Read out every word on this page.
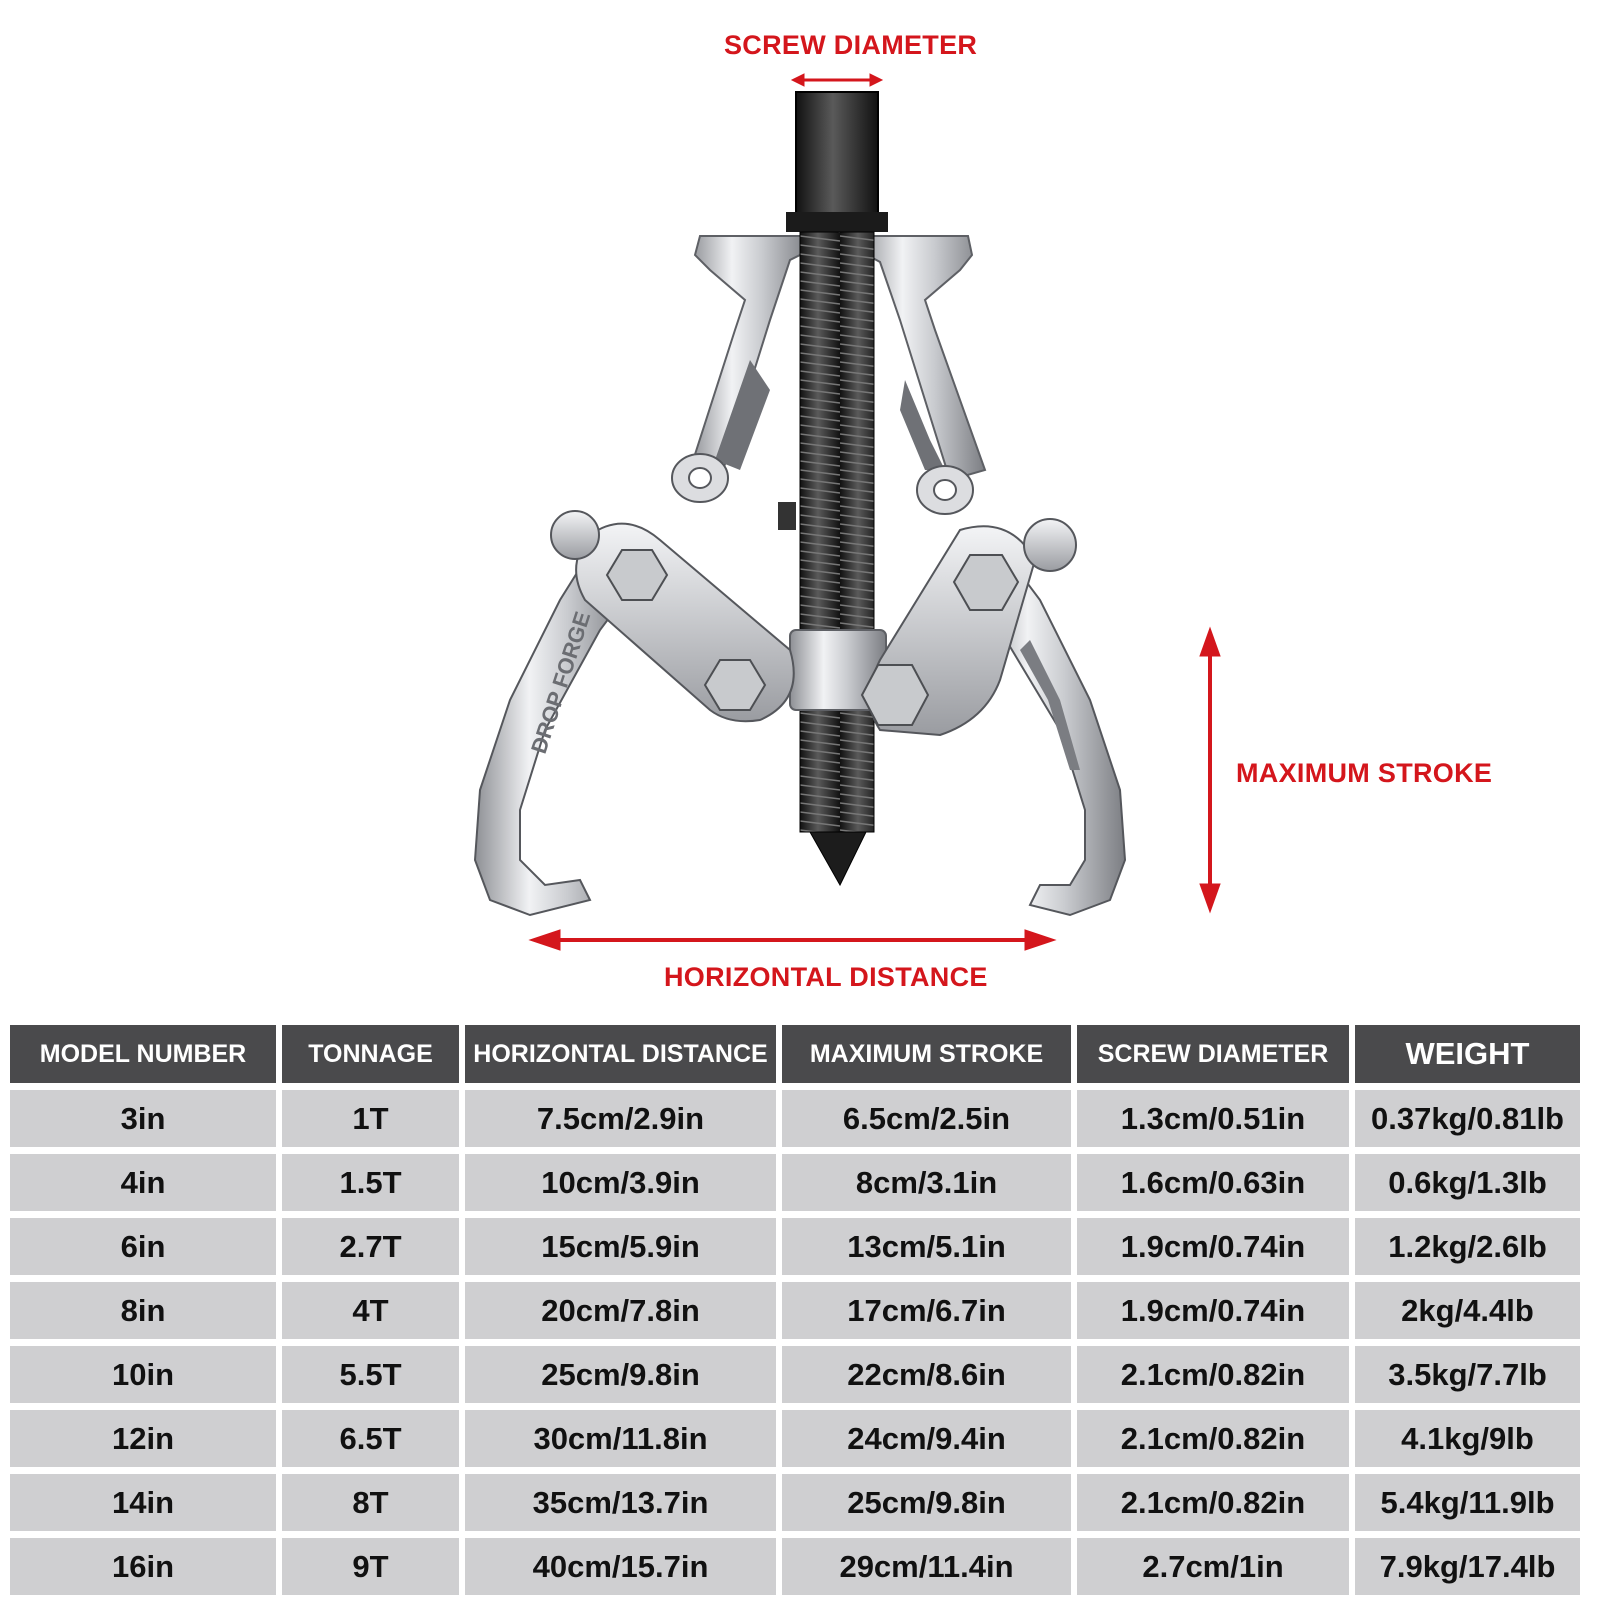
SCREW DIAMETER
MAXIMUM STROKE
HORIZONTAL DISTANCE
DROP FORGE
MODEL NUMBER	TONNAGE	HORIZONTAL DISTANCE	MAXIMUM STROKE	SCREW DIAMETER	WEIGHT
3in	1T	7.5cm/2.9in	6.5cm/2.5in	1.3cm/0.51in	0.37kg/0.81lb
4in	1.5T	10cm/3.9in	8cm/3.1in	1.6cm/0.63in	0.6kg/1.3lb
6in	2.7T	15cm/5.9in	13cm/5.1in	1.9cm/0.74in	1.2kg/2.6lb
8in	4T	20cm/7.8in	17cm/6.7in	1.9cm/0.74in	2kg/4.4lb
10in	5.5T	25cm/9.8in	22cm/8.6in	2.1cm/0.82in	3.5kg/7.7lb
12in	6.5T	30cm/11.8in	24cm/9.4in	2.1cm/0.82in	4.1kg/9lb
14in	8T	35cm/13.7in	25cm/9.8in	2.1cm/0.82in	5.4kg/11.9lb
16in	9T	40cm/15.7in	29cm/11.4in	2.7cm/1in	7.9kg/17.4lb
